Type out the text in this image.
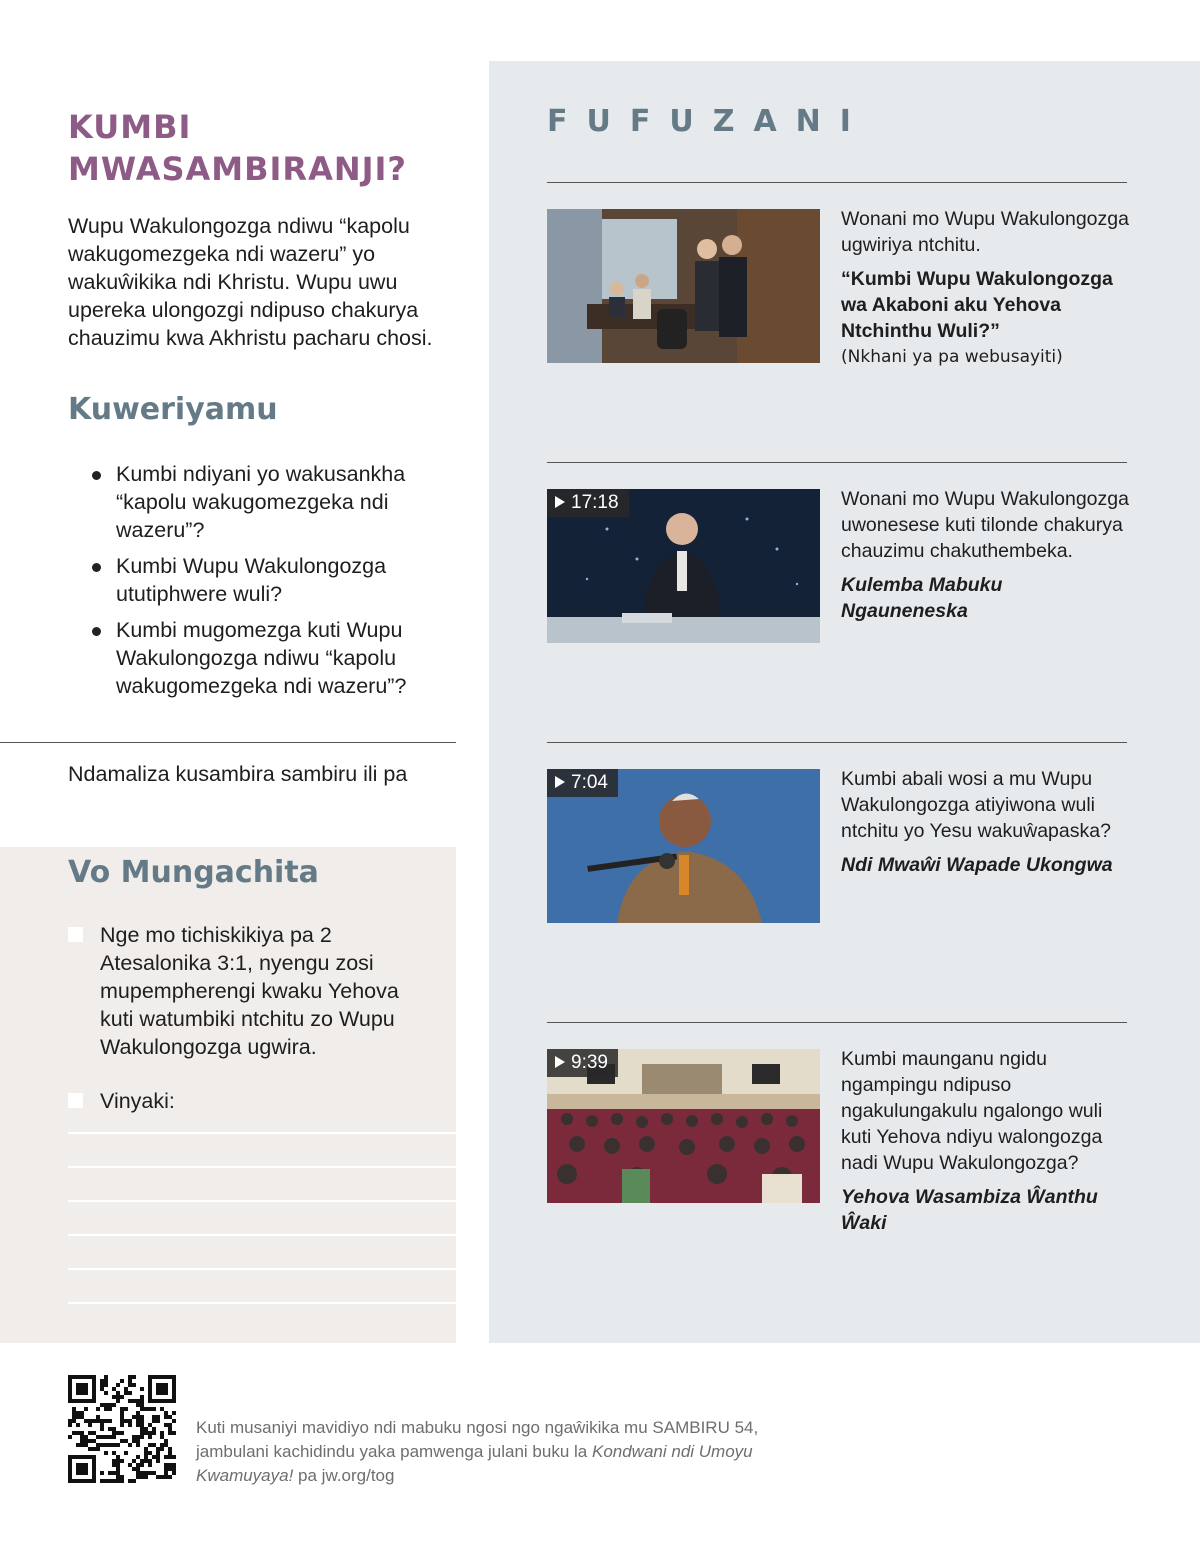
KUMBI MWASAMBIRANJI?

Wupu Wakulongozga ndiwu “kapolu wakugomezgeka ndi wazeru” yo wakuŵikika ndi Khristu. Wupu uwu upereka ulongozgi ndipuso chakurya chauzimu kwa Akhristu pacharu chosi.

Kuweriyamu
Kumbi ndiyani yo wakusankha “kapolu wakugomezgeka ndi wazeru”?
Kumbi Wupu Wakulongozga ututiphwere wuli?
Kumbi mugomezga kuti Wupu Wakulongozga ndiwu “kapolu wakugomezgeka ndi wazeru”?

Ndamaliza kusambira sambiru ili pa

Vo Mungachita
Nge mo tichiskikiya pa 2 Atesalonika 3:1, nyengu zosi mupempherengi kwaku Yehova kuti watumbiki ntchitu zo Wupu Wakulongozga ugwira.
Vinyaki:
FUFUZANI

Wonani mo Wupu Wakulongozga ugwiriya ntchitu.

“Kumbi Wupu Wakulongozga wa Akaboni aku Yehova Ntchinthu Wuli?”

(Nkhani ya pa webusayiti)

17:18	Wonani mo Wupu Wakulongozga uwonesese kuti tilonde chakurya chauzimu chakuthembeka.

Kulemba Mabuku Ngauneneska

7:04	Kumbi abali wosi a mu Wupu Wakulongozga atiyiwona wuli ntchitu yo Yesu wakuŵapaska?

Ndi Mwaŵi Wapade Ukongwa

9:39	Kumbi maunganu ngidu ngampingu ndipuso ngakulungakulu ngalongo wuli kuti Yehova ndiyu walongozga nadi Wupu Wakulongozga?

Yehova Wasambiza Ŵanthu Ŵaki

Kuti musaniyi mavidiyo ndi mabuku ngosi ngo ngaŵikika mu SAMBIRU 54, jambulani kachidindu yaka pamwenga julani buku la Kondwani ndi Umoyu Kwamuyaya! pa jw.org/tog
